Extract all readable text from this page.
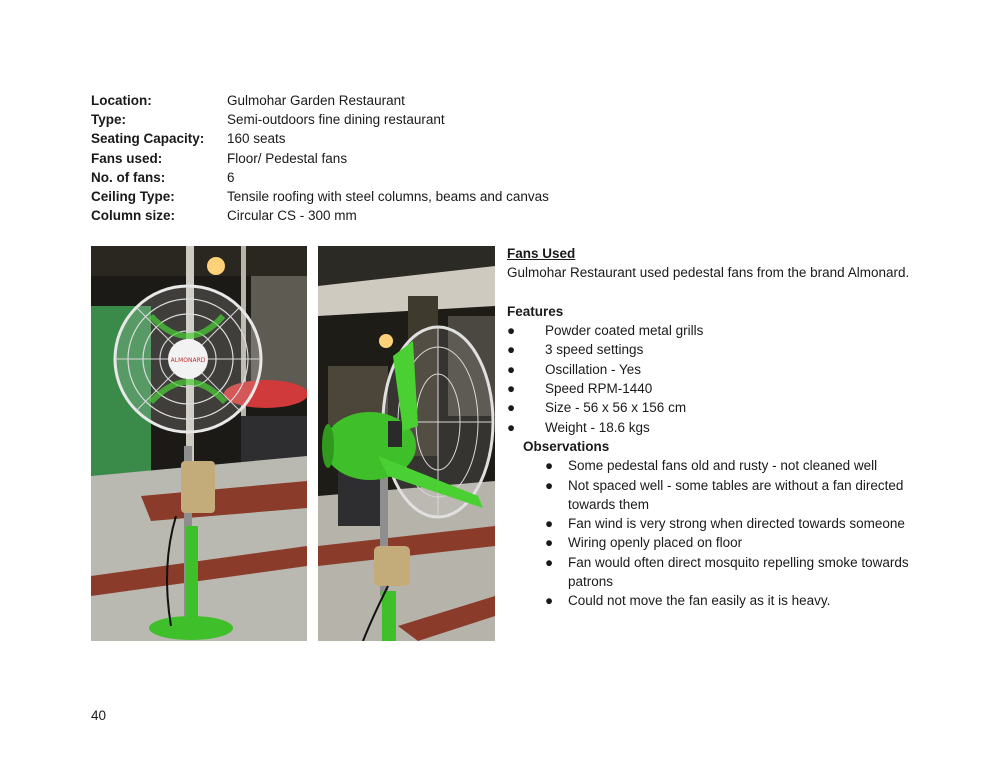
Location:	Gulmohar Garden Restaurant
Type:	Semi-outdoors fine dining restaurant
Seating Capacity:	160 seats
Fans used:	Floor/ Pedestal fans
No. of fans:	6
Ceiling Type:	Tensile roofing with steel columns, beams and canvas
Column size:	Circular CS - 300 mm
ALMONARD
Fans Used
Gulmohar Restaurant used pedestal fans from the brand Almonard.
Features
● Powder coated metal grills
● 3 speed settings
● Oscillation - Yes
● Speed RPM-1440
● Size - 56 x 56 x 156 cm
● Weight - 18.6 kgs
Observations
● Some pedestal fans old and rusty - not cleaned well
● Not spaced well - some tables are without a fan directed towards them
● Fan wind is very strong when directed towards someone
● Wiring openly placed on floor
● Fan would often direct mosquito repelling smoke towards patrons
● Could not move the fan easily as it is heavy.
40
